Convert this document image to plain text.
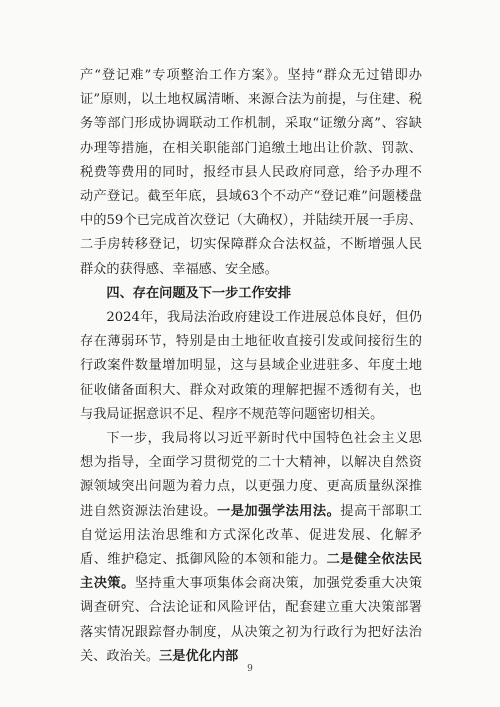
产“登记难”专项整治工作方案》。坚持“群众无过错即办证”原则，以土地权属清晰、来源合法为前提，与住建、税务等部门形成协调联动工作机制，采取“证缴分离”、容缺办理等措施，在相关职能部门追缴土地出让价款、罚款、税费等费用的同时，报经市县人民政府同意，给予办理不动产登记。截至年底，县域63个不动产“登记难”问题楼盘中的59个已完成首次登记（大确权），并陆续开展一手房、二手房转移登记，切实保障群众合法权益，不断增强人民群众的获得感、幸福感、安全感。

四、存在问题及下一步工作安排

2024年，我局法治政府建设工作进展总体良好，但仍存在薄弱环节，特别是由土地征收直接引发或间接衍生的行政案件数量增加明显，这与县域企业进驻多、年度土地征收储备面积大、群众对政策的理解把握不透彻有关，也与我局证据意识不足、程序不规范等问题密切相关。

下一步，我局将以习近平新时代中国特色社会主义思想为指导，全面学习贯彻党的二十大精神，以解决自然资源领域突出问题为着力点，以更强力度、更高质量纵深推进自然资源法治建设。一是加强学法用法。提高干部职工自觉运用法治思维和方式深化改革、促进发展、化解矛盾、维护稳定、抵御风险的本领和能力。二是健全依法民主决策。坚持重大事项集体会商决策，加强党委重大决策调查研究、合法论证和风险评估，配套建立重大决策部署落实情况跟踪督办制度，从决策之初为行政行为把好法治关、政治关。三是优化内部

9
